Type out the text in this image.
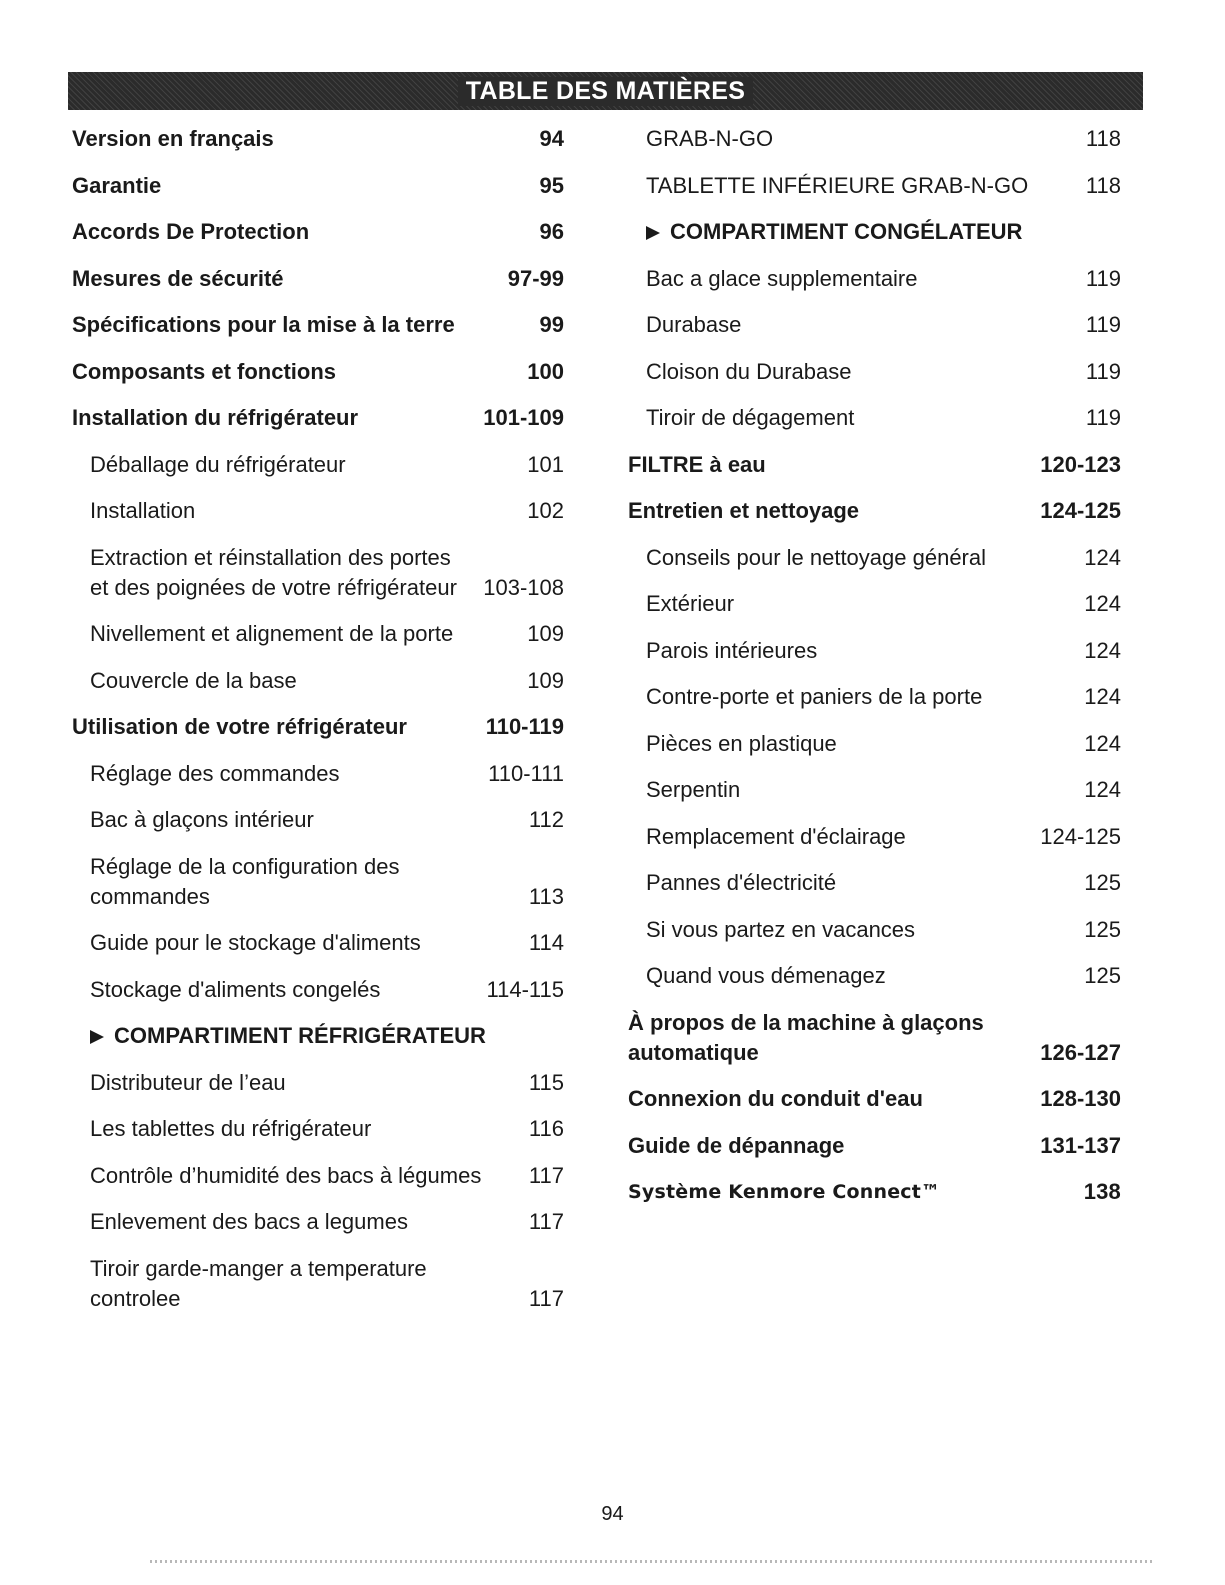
TABLE DES MATIÈRES
Version en français	94
Garantie	95
Accords De Protection	96
Mesures de sécurité	97-99
Spécifications pour la mise à la terre	99
Composants et fonctions	100
Installation du réfrigérateur	101-109
Déballage du réfrigérateur	101
Installation	102
Extraction et réinstallation des portes et des poignées de votre réfrigérateur	103-108
Nivellement et alignement de la porte	109
Couvercle de la base	109
Utilisation de votre réfrigérateur	110-119
Réglage des commandes	110-111
Bac à glaçons intérieur	112
Réglage de la configuration des commandes	113
Guide pour le stockage d'aliments	114
Stockage d'aliments congelés	114-115
COMPARTIMENT RÉFRIGÉRATEUR
Distributeur de l’eau	115
Les tablettes du réfrigérateur	116
Contrôle d’humidité des bacs à légumes	117
Enlevement des bacs a legumes	117
Tiroir garde-manger a temperature controlee	117
GRAB-N-GO	118
TABLETTE INFÉRIEURE GRAB-N-GO	118
COMPARTIMENT CONGÉLATEUR
Bac a glace supplementaire	119
Durabase	119
Cloison du Durabase	119
Tiroir de dégagement	119
FILTRE à eau	120-123
Entretien et nettoyage	124-125
Conseils pour le nettoyage général	124
Extérieur	124
Parois intérieures	124
Contre-porte et paniers de la porte	124
Pièces en plastique	124
Serpentin	124
Remplacement d'éclairage	124-125
Pannes d'électricité	125
Si vous partez en vacances	125
Quand vous démenagez	125
À propos de la machine à glaçons automatique	126-127
Connexion du conduit d'eau	128-130
Guide de dépannage	131-137
Système Kenmore Connect™	138
94
